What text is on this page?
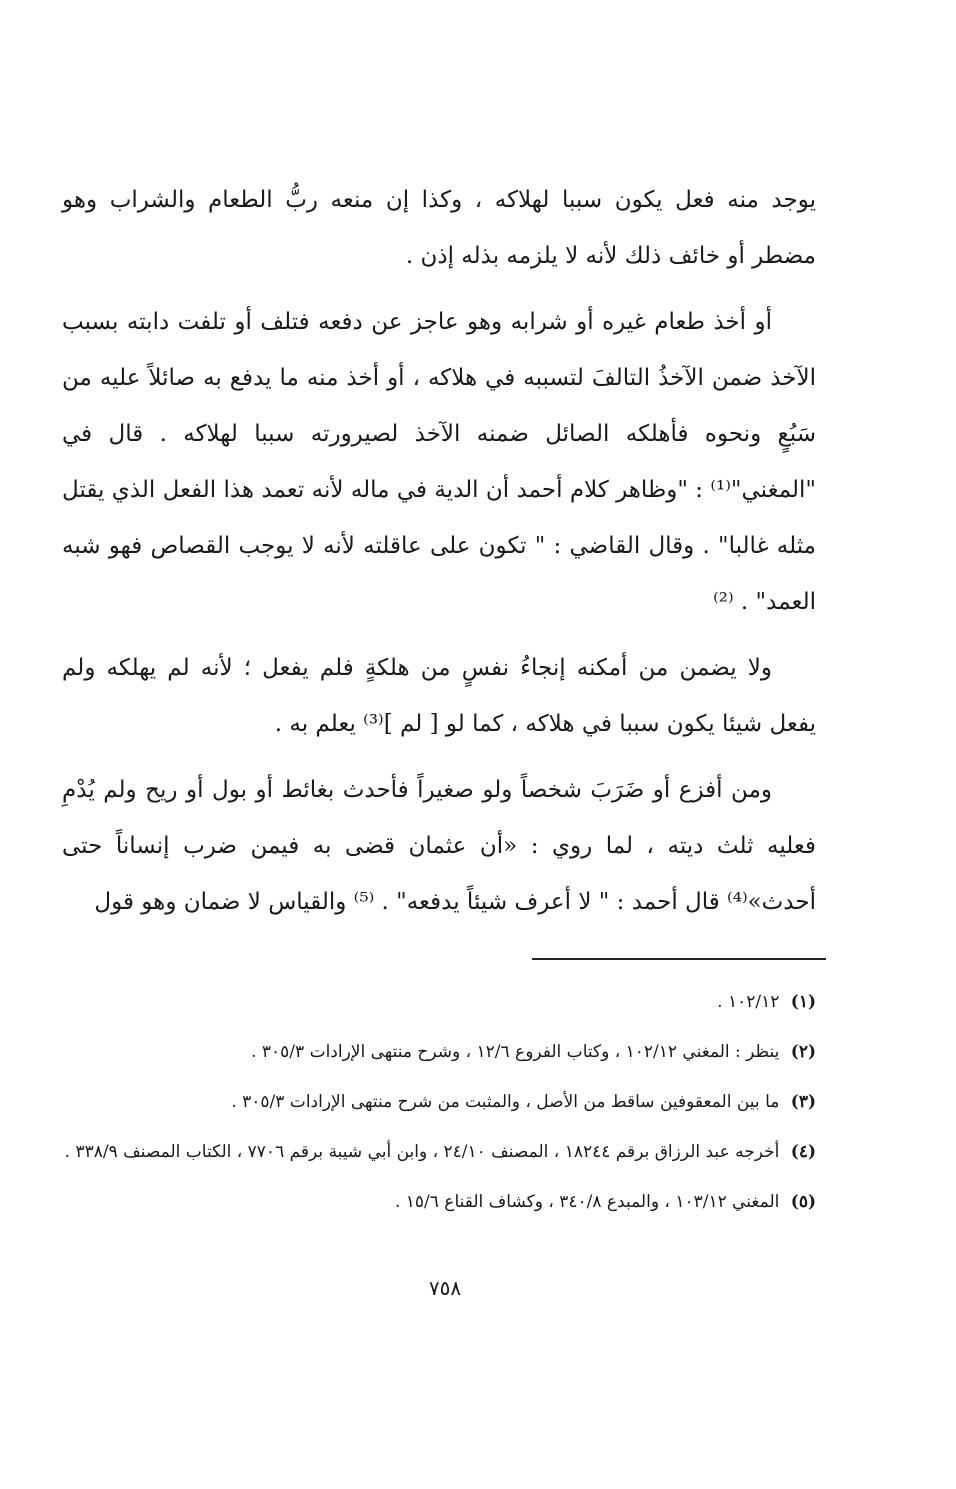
يوجد منه فعل يكون سببا لهلاكه ، وكذا إن منعه ربُّ الطعام والشراب وهو مضطر أو خائف ذلك لأنه لا يلزمه بذله إذن .

أو أخذ طعام غيره أو شرابه وهو عاجز عن دفعه فتلف أو تلفت دابته بسبب الآخذ ضمن الآخذُ التالفَ لتسببه في هلاكه ، أو أخذ منه ما يدفع به صائلاً عليه من سَبُعٍ ونحوه فأهلكه الصائل ضمنه الآخذ لصيرورته سببا لهلاكه . قال في "المغني"⁽¹⁾ : "وظاهر كلام أحمد أن الدية في ماله لأنه تعمد هذا الفعل الذي يقتل مثله غالبا" . وقال القاضي : " تكون على عاقلته لأنه لا يوجب القصاص فهو شبه العمد" . ⁽²⁾

ولا يضمن من أمكنه إنجاءُ نفسٍ من هلكةٍ فلم يفعل ؛ لأنه لم يهلكه ولم يفعل شيئا يكون سببا في هلاكه ، كما لو [ لم ]⁽³⁾ يعلم به .

ومن أفزع أو ضَرَبَ شخصاً ولو صغيراً فأحدث بغائط أو بول أو ريح ولم يُدْمِ فعليه ثلث ديته ، لما روي : «أن عثمان قضى به فيمن ضرب إنساناً حتى أحدث»⁽⁴⁾ قال أحمد : " لا أعرف شيئاً يدفعه" . ⁽⁵⁾ والقياس لا ضمان وهو قول

(١) ١٠٢/١٢ .
(٢) ينظر : المغني ١٠٢/١٢ ، وكتاب الفروع ١٢/٦ ، وشرح منتهى الإرادات ٣٠٥/٣ .
(٣) ما بين المعقوفين ساقط من الأصل ، والمثبت من شرح منتهى الإرادات ٣٠٥/٣ .
(٤) أخرجه عبد الرزاق برقم ١٨٢٤٤ ، المصنف ٢٤/١٠ ، وابن أبي شيبة برقم ٧٧٠٦ ، الكتاب المصنف ٣٣٨/٩ .
(٥) المغني ١٠٣/١٢ ، والمبدع ٣٤٠/٨ ، وكشاف القناع ١٥/٦ .
٧٥٨
